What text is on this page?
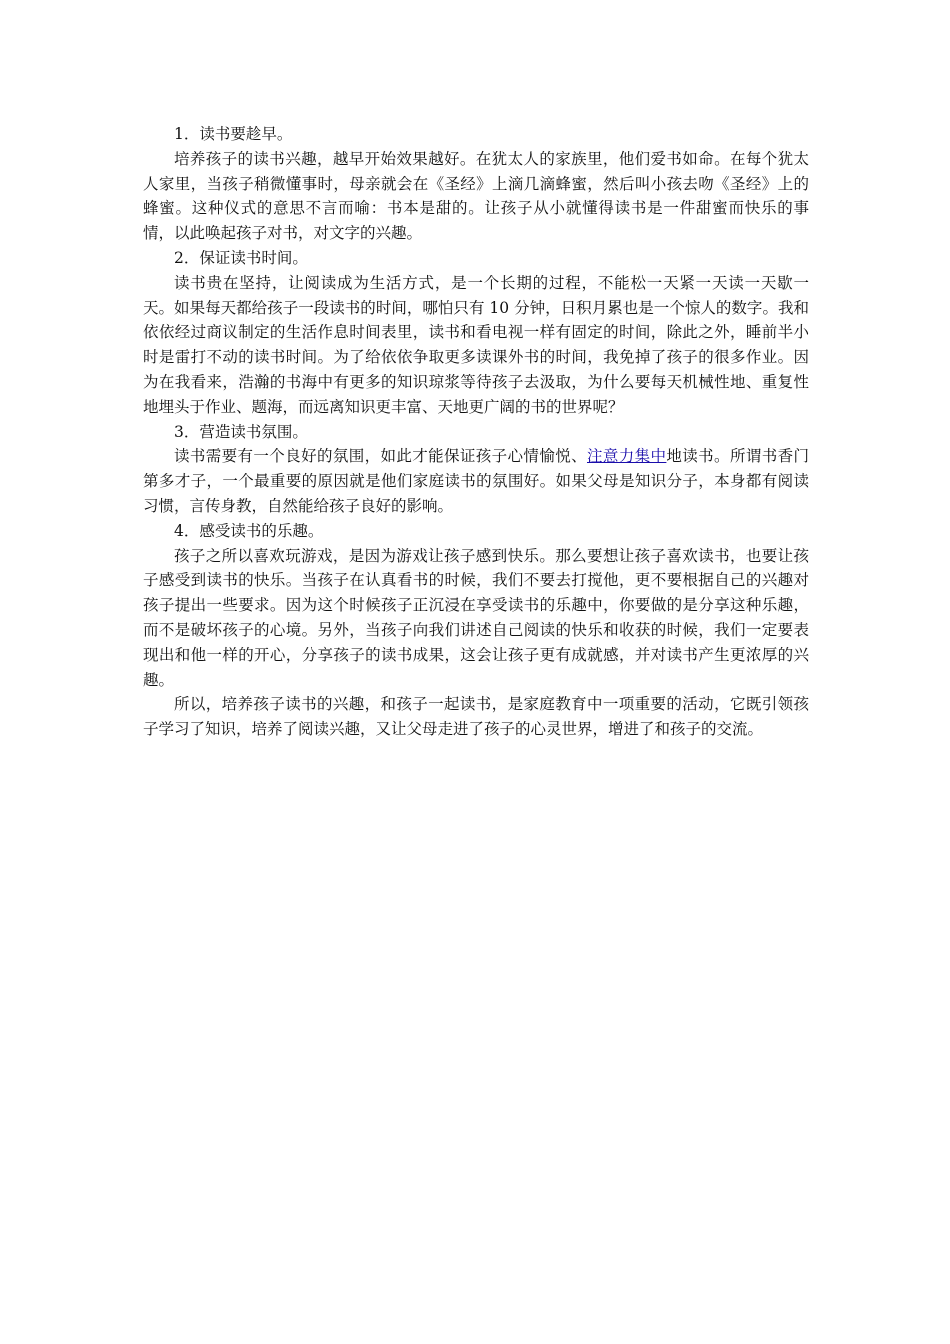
1．读书要趁早。

培养孩子的读书兴趣，越早开始效果越好。在犹太人的家族里，他们爱书如命。在每个犹太人家里，当孩子稍微懂事时，母亲就会在《圣经》上滴几滴蜂蜜，然后叫小孩去吻《圣经》上的蜂蜜。这种仪式的意思不言而喻：书本是甜的。让孩子从小就懂得读书是一件甜蜜而快乐的事情，以此唤起孩子对书，对文字的兴趣。

2．保证读书时间。

读书贵在坚持，让阅读成为生活方式，是一个长期的过程，不能松一天紧一天读一天歇一天。如果每天都给孩子一段读书的时间，哪怕只有 10 分钟，日积月累也是一个惊人的数字。我和依依经过商议制定的生活作息时间表里，读书和看电视一样有固定的时间，除此之外，睡前半小时是雷打不动的读书时间。为了给依依争取更多读课外书的时间，我免掉了孩子的很多作业。因为在我看来，浩瀚的书海中有更多的知识琼浆等待孩子去汲取，为什么要每天机械性地、重复性地埋头于作业、题海，而远离知识更丰富、天地更广阔的书的世界呢？

3．营造读书氛围。

读书需要有一个良好的氛围，如此才能保证孩子心情愉悦、注意力集中地读书。所谓书香门第多才子，一个最重要的原因就是他们家庭读书的氛围好。如果父母是知识分子，本身都有阅读习惯，言传身教，自然能给孩子良好的影响。

4．感受读书的乐趣。

孩子之所以喜欢玩游戏，是因为游戏让孩子感到快乐。那么要想让孩子喜欢读书，也要让孩子感受到读书的快乐。当孩子在认真看书的时候，我们不要去打搅他，更不要根据自己的兴趣对孩子提出一些要求。因为这个时候孩子正沉浸在享受读书的乐趣中，你要做的是分享这种乐趣，而不是破坏孩子的心境。另外，当孩子向我们讲述自己阅读的快乐和收获的时候，我们一定要表现出和他一样的开心，分享孩子的读书成果，这会让孩子更有成就感，并对读书产生更浓厚的兴趣。

所以，培养孩子读书的兴趣，和孩子一起读书，是家庭教育中一项重要的活动，它既引领孩子学习了知识，培养了阅读兴趣，又让父母走进了孩子的心灵世界，增进了和孩子的交流。
